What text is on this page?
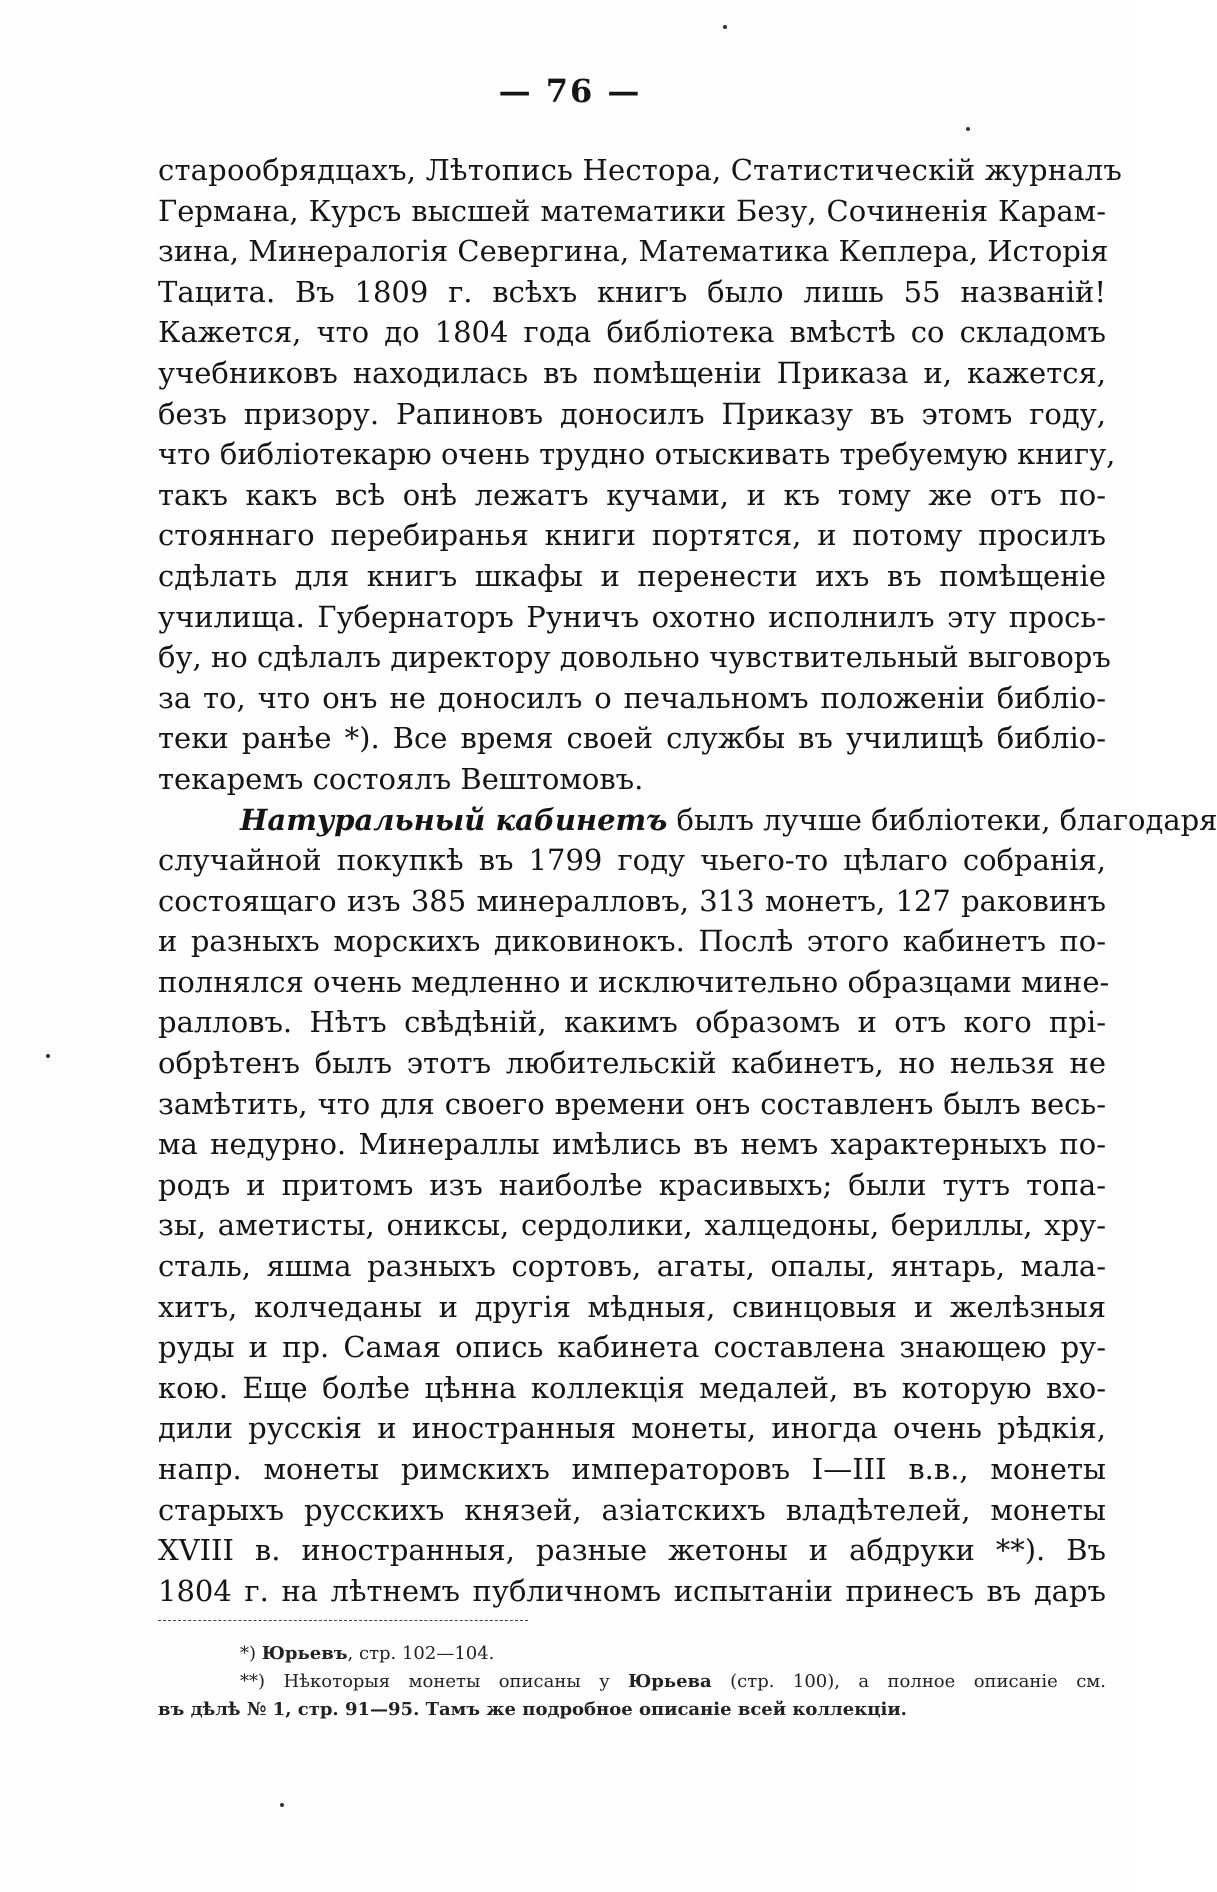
— 76 —
старообрядцахъ, Лѣтопись Нестора, Статистическій журналъ
Германа, Курсъ высшей математики Безу, Сочиненія Карам-
зина, Минералогія Севергина, Математика Кеплера, Исторія
Тацита. Въ 1809 г. всѣхъ книгъ было лишь 55 названій!
Кажется, что до 1804 года библіотека вмѣстѣ со складомъ
учебниковъ находилась въ помѣщеніи Приказа и, кажется,
безъ призору. Рапиновъ доносилъ Приказу въ этомъ году,
что библіотекарю очень трудно отыскивать требуемую книгу,
такъ какъ всѣ онѣ лежатъ кучами, и къ тому же отъ по-
стояннаго перебиранья книги портятся, и потому просилъ
сдѣлать для книгъ шкафы и перенести ихъ въ помѣщеніе
училища. Губернаторъ Руничъ охотно исполнилъ эту прось-
бу, но сдѣлалъ директору довольно чувствительный выговоръ
за то, что онъ не доносилъ о печальномъ положеніи библіо-
теки ранѣе *). Все время своей службы въ училищѣ библіо-
текаремъ состоялъ Вештомовъ.
Натуральный кабинетъ былъ лучше библіотеки, благодаря
случайной покупкѣ въ 1799 году чьего-то цѣлаго собранія,
состоящаго изъ 385 минералловъ, 313 монетъ, 127 раковинъ
и разныхъ морскихъ диковинокъ. Послѣ этого кабинетъ по-
полнялся очень медленно и исключительно образцами мине-
ралловъ. Нѣтъ свѣдѣній, какимъ образомъ и отъ кого прі-
обрѣтенъ былъ этотъ любительскій кабинетъ, но нельзя не
замѣтить, что для своего времени онъ составленъ былъ весь-
ма недурно. Минераллы имѣлись въ немъ характерныхъ по-
родъ и притомъ изъ наиболѣе красивыхъ; были тутъ топа-
зы, аметисты, ониксы, сердолики, халцедоны, бериллы, хру-
сталь, яшма разныхъ сортовъ, агаты, опалы, янтарь, мала-
хитъ, колчеданы и другія мѣдныя, свинцовыя и желѣзныя
руды и пр. Самая опись кабинета составлена знающею ру-
кою. Еще болѣе цѣнна коллекція медалей, въ которую вхо-
дили русскія и иностранныя монеты, иногда очень рѣдкія,
напр. монеты римскихъ императоровъ I—III в.в., монеты
старыхъ русскихъ князей, азіатскихъ владѣтелей, монеты
XVIII в. иностранныя, разные жетоны и абдруки **). Въ
1804 г. на лѣтнемъ публичномъ испытаніи принесъ въ даръ
*) Юрьевъ, стр. 102—104.
**) Нѣкоторыя монеты описаны у Юрьева (стр. 100), а полное описаніе см.
въ дѣлѣ № 1, стр. 91—95. Тамъ же подробное описаніе всей коллекціи.
